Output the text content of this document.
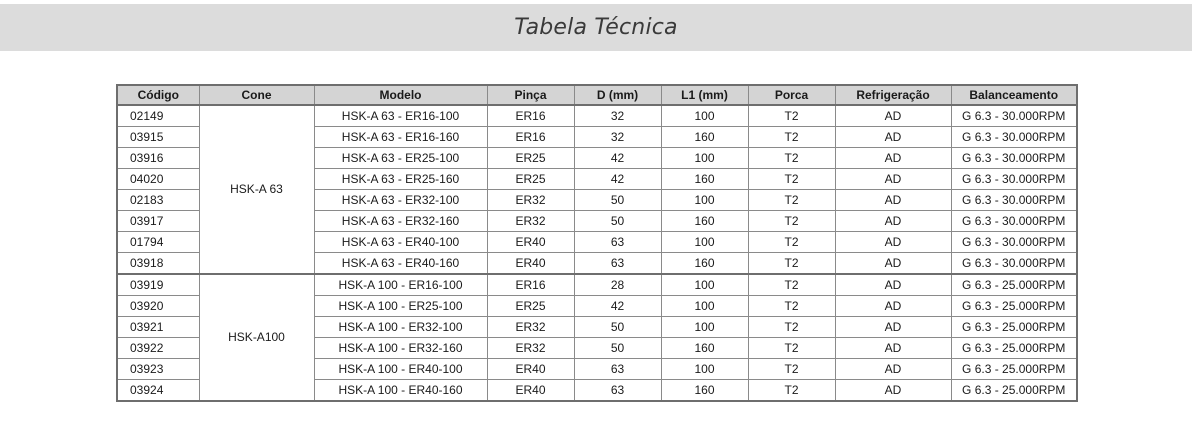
Tabela Técnica
Código	Cone	Modelo	Pinça	D (mm)	L1 (mm)	Porca	Refrigeração	Balanceamento
02149	HSK-A 63	HSK-A 63 - ER16-100	ER16	32	100	T2	AD	G 6.3 - 30.000RPM
03915		HSK-A 63 - ER16-160	ER16	32	160	T2	AD	G 6.3 - 30.000RPM
03916		HSK-A 63 - ER25-100	ER25	42	100	T2	AD	G 6.3 - 30.000RPM
04020		HSK-A 63 - ER25-160	ER25	42	160	T2	AD	G 6.3 - 30.000RPM
02183		HSK-A 63 - ER32-100	ER32	50	100	T2	AD	G 6.3 - 30.000RPM
03917		HSK-A 63 - ER32-160	ER32	50	160	T2	AD	G 6.3 - 30.000RPM
01794		HSK-A 63 - ER40-100	ER40	63	100	T2	AD	G 6.3 - 30.000RPM
03918		HSK-A 63 - ER40-160	ER40	63	160	T2	AD	G 6.3 - 30.000RPM
03919	HSK-A100	HSK-A 100 - ER16-100	ER16	28	100	T2	AD	G 6.3 - 25.000RPM
03920		HSK-A 100 - ER25-100	ER25	42	100	T2	AD	G 6.3 - 25.000RPM
03921		HSK-A 100 - ER32-100	ER32	50	100	T2	AD	G 6.3 - 25.000RPM
03922		HSK-A 100 - ER32-160	ER32	50	160	T2	AD	G 6.3 - 25.000RPM
03923		HSK-A 100 - ER40-100	ER40	63	100	T2	AD	G 6.3 - 25.000RPM
03924		HSK-A 100 - ER40-160	ER40	63	160	T2	AD	G 6.3 - 25.000RPM
